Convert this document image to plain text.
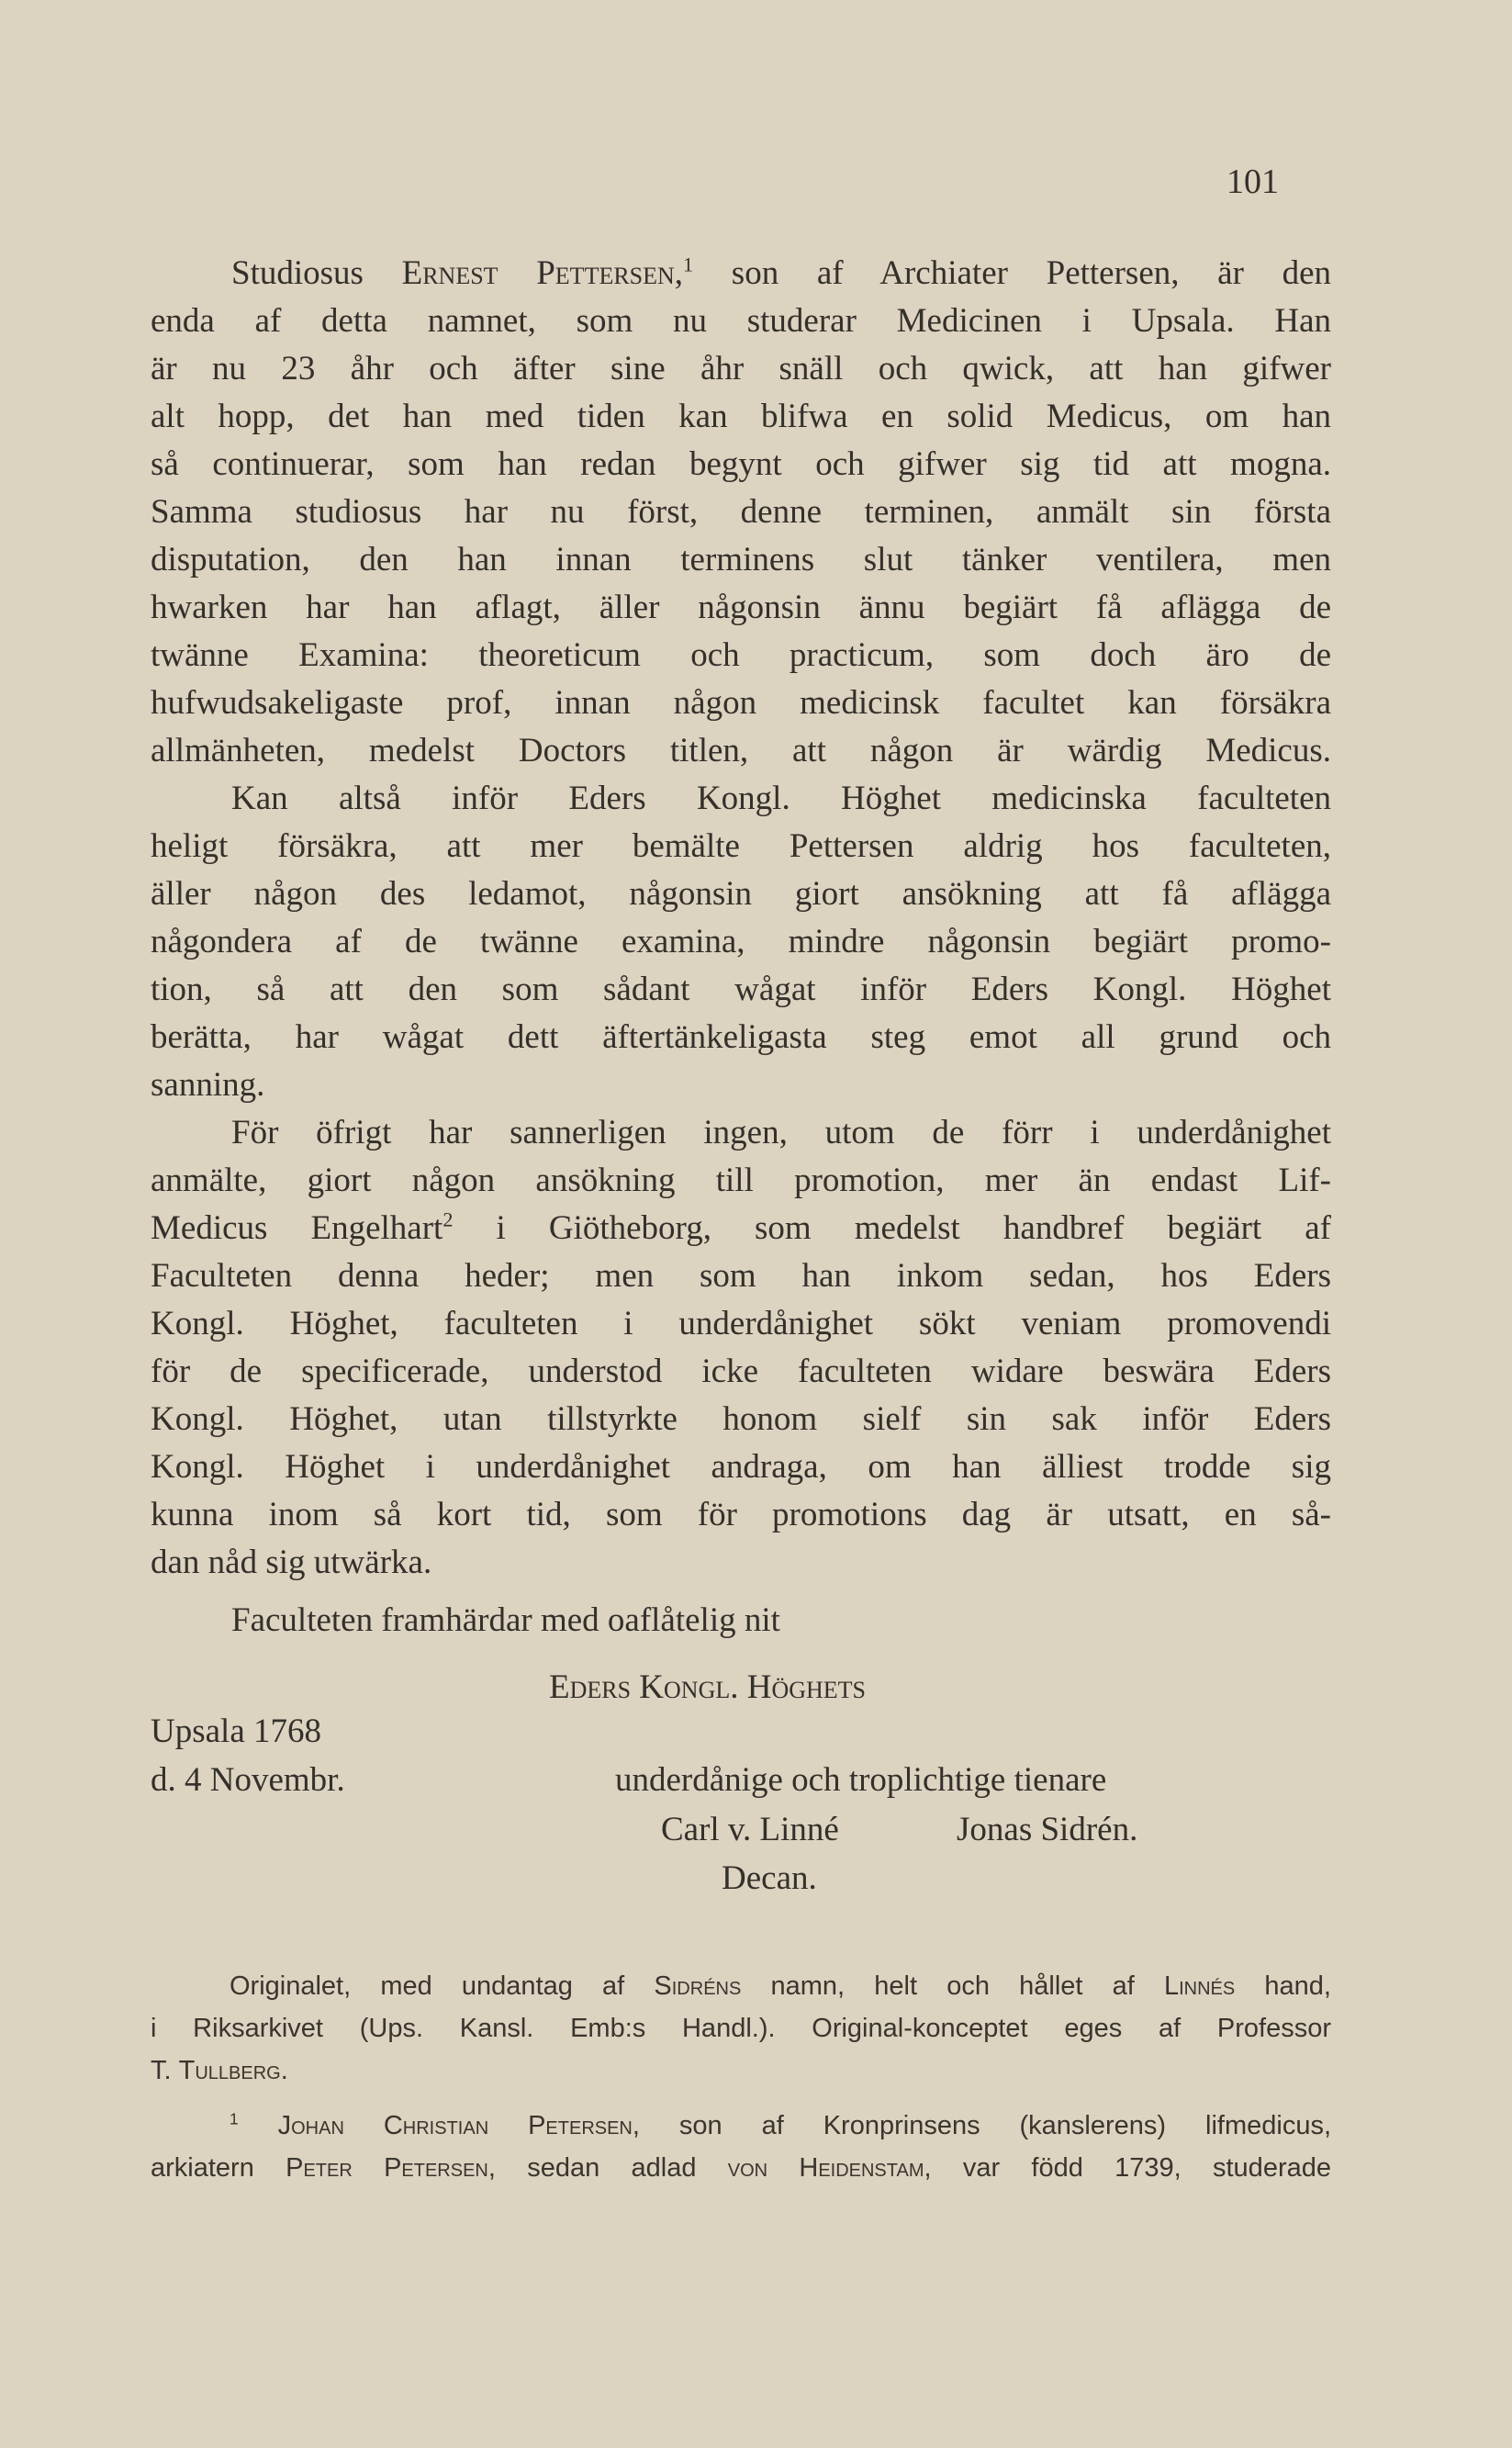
101
Studiosus Ernest Pettersen,$^1$ son af Archiater Pettersen, är den
enda af detta namnet, som nu studerar Medicinen i Upsala. Han
är nu 23 åhr och äfter sine åhr snäll och qwick, att han gifwer
alt hopp, det han med tiden kan blifwa en solid Medicus, om han
så continuerar, som han redan begynt och gifwer sig tid att mogna.
Samma studiosus har nu först, denne terminen, anmält sin första
disputation, den han innan terminens slut tänker ventilera, men
hwarken har han aflagt, äller någonsin ännu begiärt få aflägga de
twänne Examina: theoreticum och practicum, som doch äro de
hufwudsakeligaste prof, innan någon medicinsk facultet kan försäkra
allmänheten, medelst Doctors titlen, att någon är wärdig Medicus.
Kan altså inför Eders Kongl. Höghet medicinska faculteten
heligt försäkra, att mer bemälte Pettersen aldrig hos faculteten,
äller någon des ledamot, någonsin giort ansökning att få aflägga
någondera af de twänne examina, mindre någonsin begiärt promo-
tion, så att den som sådant wågat inför Eders Kongl. Höghet
berätta, har wågat dett äftertänkeligasta steg emot all grund och
sanning.
För öfrigt har sannerligen ingen, utom de förr i underdånighet
anmälte, giort någon ansökning till promotion, mer än endast Lif-
Medicus Engelhart$^2$ i Giötheborg, som medelst handbref begiärt af
Faculteten denna heder; men som han inkom sedan, hos Eders
Kongl. Höghet, faculteten i underdånighet sökt veniam promovendi
för de specificerade, understod icke faculteten widare beswära Eders
Kongl. Höghet, utan tillstyrkte honom sielf sin sak inför Eders
Kongl. Höghet i underdånighet andraga, om han älliest trodde sig
kunna inom så kort tid, som för promotions dag är utsatt, en så-
dan nåd sig utwärka.
Faculteten framhärdar med oaflåtelig nit
Eders Kongl. Höghets
Upsala 1768
d. 4 Novembr.	underdånige och troplichtige tienare
Carl v. Linné	Jonas Sidrén.
Decan.
Originalet, med undantag af Sidréns namn, helt och hållet af Linnés hand,
i Riksarkivet (Ups. Kansl. Emb:s Handl.). Original-konceptet eges af Professor
T. Tullberg.
$^1$ Johan Christian Petersen, son af Kronprinsens (kanslerens) lifmedicus,
arkiatern Peter Petersen, sedan adlad von Heidenstam, var född 1739, studerade
